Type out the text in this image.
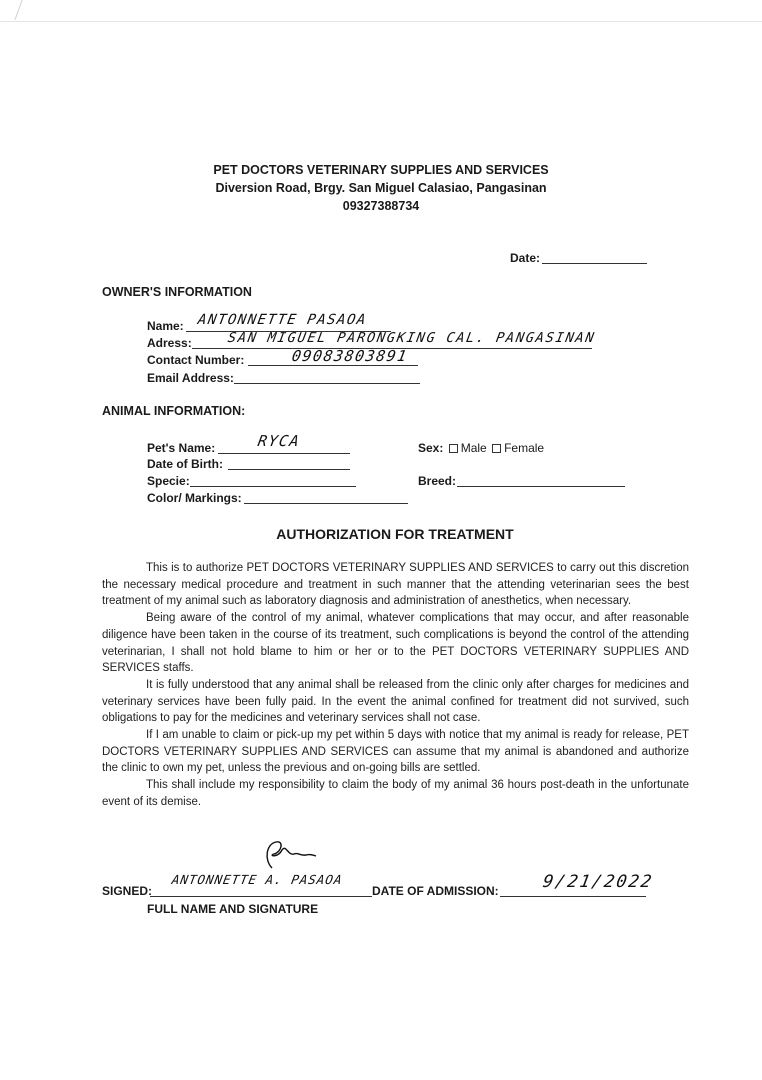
PET DOCTORS VETERINARY SUPPLIES AND SERVICES
Diversion Road, Brgy. San Miguel Calasiao, Pangasinan
09327388734
Date:
OWNER'S INFORMATION
Name: ANTONNETTE PASAOA
Adress:	SAN MIGUEL PARONGKING CAL. PANGASINAN
Contact Number:	09083803891
Email Address:
ANIMAL INFORMATION:
Pet's Name:	RYCA	Sex: Male Female
Date of Birth:
Specie:	Breed:
Color/ Markings:
AUTHORIZATION FOR TREATMENT

This is to authorize PET DOCTORS VETERINARY SUPPLIES AND SERVICES to carry out this discretion the necessary medical procedure and treatment in such manner that the attending veterinarian sees the best treatment of my animal such as laboratory diagnosis and administration of anesthetics, when necessary.

Being aware of the control of my animal, whatever complications that may occur, and after reasonable diligence have been taken in the course of its treatment, such complications is beyond the control of the attending veterinarian, I shall not hold blame to him or her or to the PET DOCTORS VETERINARY SUPPLIES AND SERVICES staffs.

It is fully understood that any animal shall be released from the clinic only after charges for medicines and veterinary services have been fully paid. In the event the animal confined for treatment did not survived, such obligations to pay for the medicines and veterinary services shall not case.

If I am unable to claim or pick-up my pet within 5 days with notice that my animal is ready for release, PET DOCTORS VETERINARY SUPPLIES AND SERVICES can assume that my animal is abandoned and authorize the clinic to own my pet, unless the previous and on-going bills are settled.

This shall include my responsibility to claim the body of my animal 36 hours post-death in the unfortunate event of its demise.

SIGNED:
ANTONNETTE A. PASAOA
DATE OF ADMISSION:	9/21/2022
FULL NAME AND SIGNATURE
